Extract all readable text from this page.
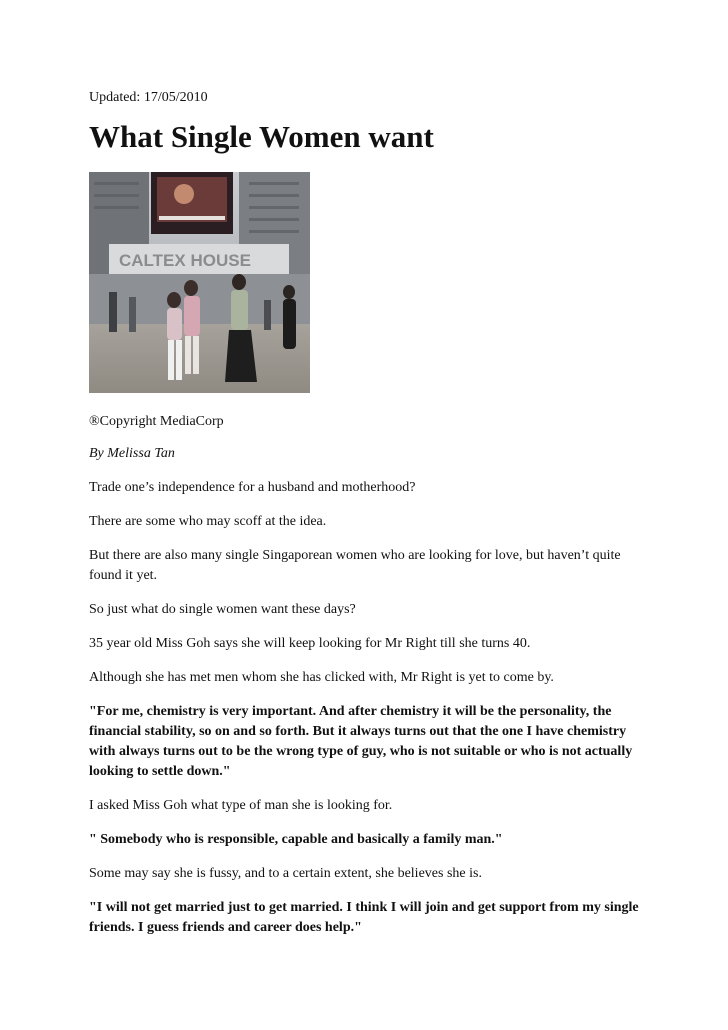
Updated: 17/05/2010
What Single Women want
CALTEX HOUSE
®Copyright MediaCorp
By Melissa Tan

Trade one’s independence for a husband and motherhood?

There are some who may scoff at the idea.

But there are also many single Singaporean women who are looking for love, but haven’t quite found it yet.

So just what do single women want these days?

35 year old Miss Goh says she will keep looking for Mr Right till she turns 40.

Although she has met men whom she has clicked with, Mr Right is yet to come by.

"For me, chemistry is very important. And after chemistry it will be the personality, the financial stability, so on and so forth. But it always turns out that the one I have chemistry with always turns out to be the wrong type of guy, who is not suitable or who is not actually looking to settle down."

I asked Miss Goh what type of man she is looking for.

" Somebody who is responsible, capable and basically a family man."

Some may say she is fussy, and to a certain extent, she believes she is.

"I will not get married just to get married. I think I will join and get support from my single friends. I guess friends and career does help."
